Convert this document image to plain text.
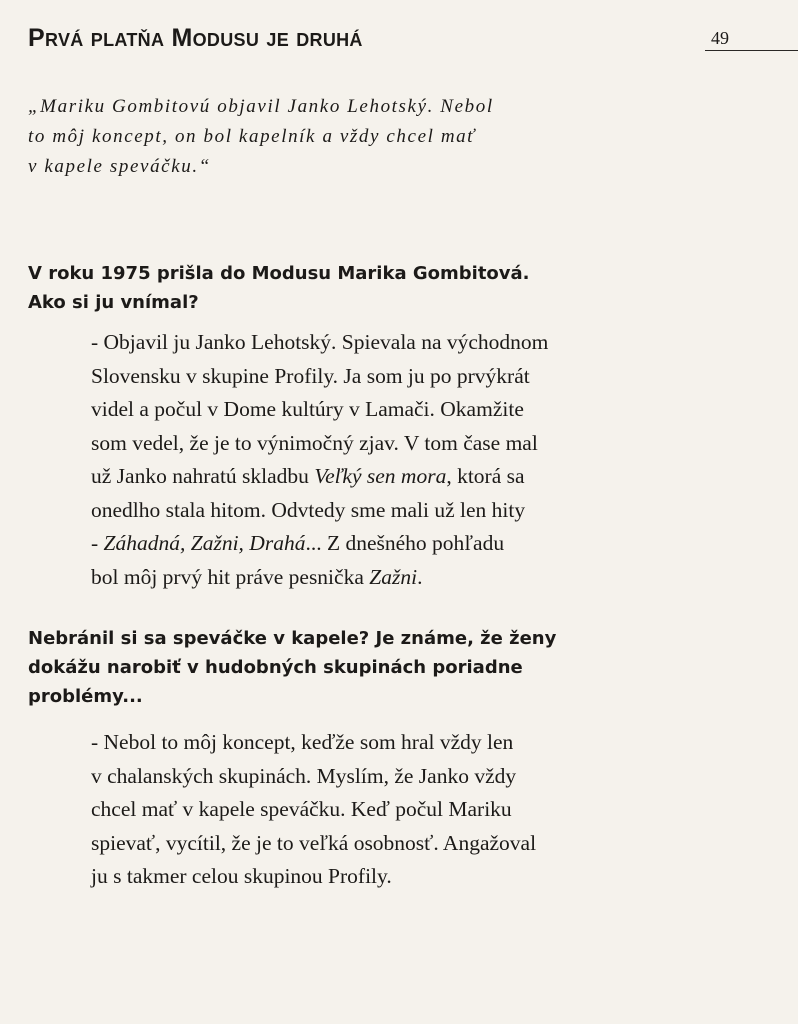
Prvá platňa Modusu je druhá	49

„Mariku Gombitovú objavil Janko Lehotský. Nebol
to môj koncept, on bol kapelník a vždy chcel mať
v kapele speváčku.“

V roku 1975 prišla do Modusu Marika Gombitová.
Ako si ju vnímal?

- Objavil ju Janko Lehotský. Spievala na východnom
Slovensku v skupine Profily. Ja som ju po prvýkrát
videl a počul v Dome kultúry v Lamači. Okamžite
som vedel, že je to výnimočný zjav. V tom čase mal
už Janko nahratú skladbu Veľký sen mora, ktorá sa
onedlho stala hitom. Odvtedy sme mali už len hity
- Záhadná, Zažni, Drahá... Z dnešného pohľadu
bol môj prvý hit práve pesnička Zažni.

Nebránil si sa speváčke v kapele? Je známe, že ženy
dokážu narobiť v hudobných skupinách poriadne
problémy...

- Nebol to môj koncept, keďže som hral vždy len
v chalanských skupinách. Myslím, že Janko vždy
chcel mať v kapele speváčku. Keď počul Mariku
spievať, vycítil, že je to veľká osobnosť. Angažoval
ju s takmer celou skupinou Profily.
